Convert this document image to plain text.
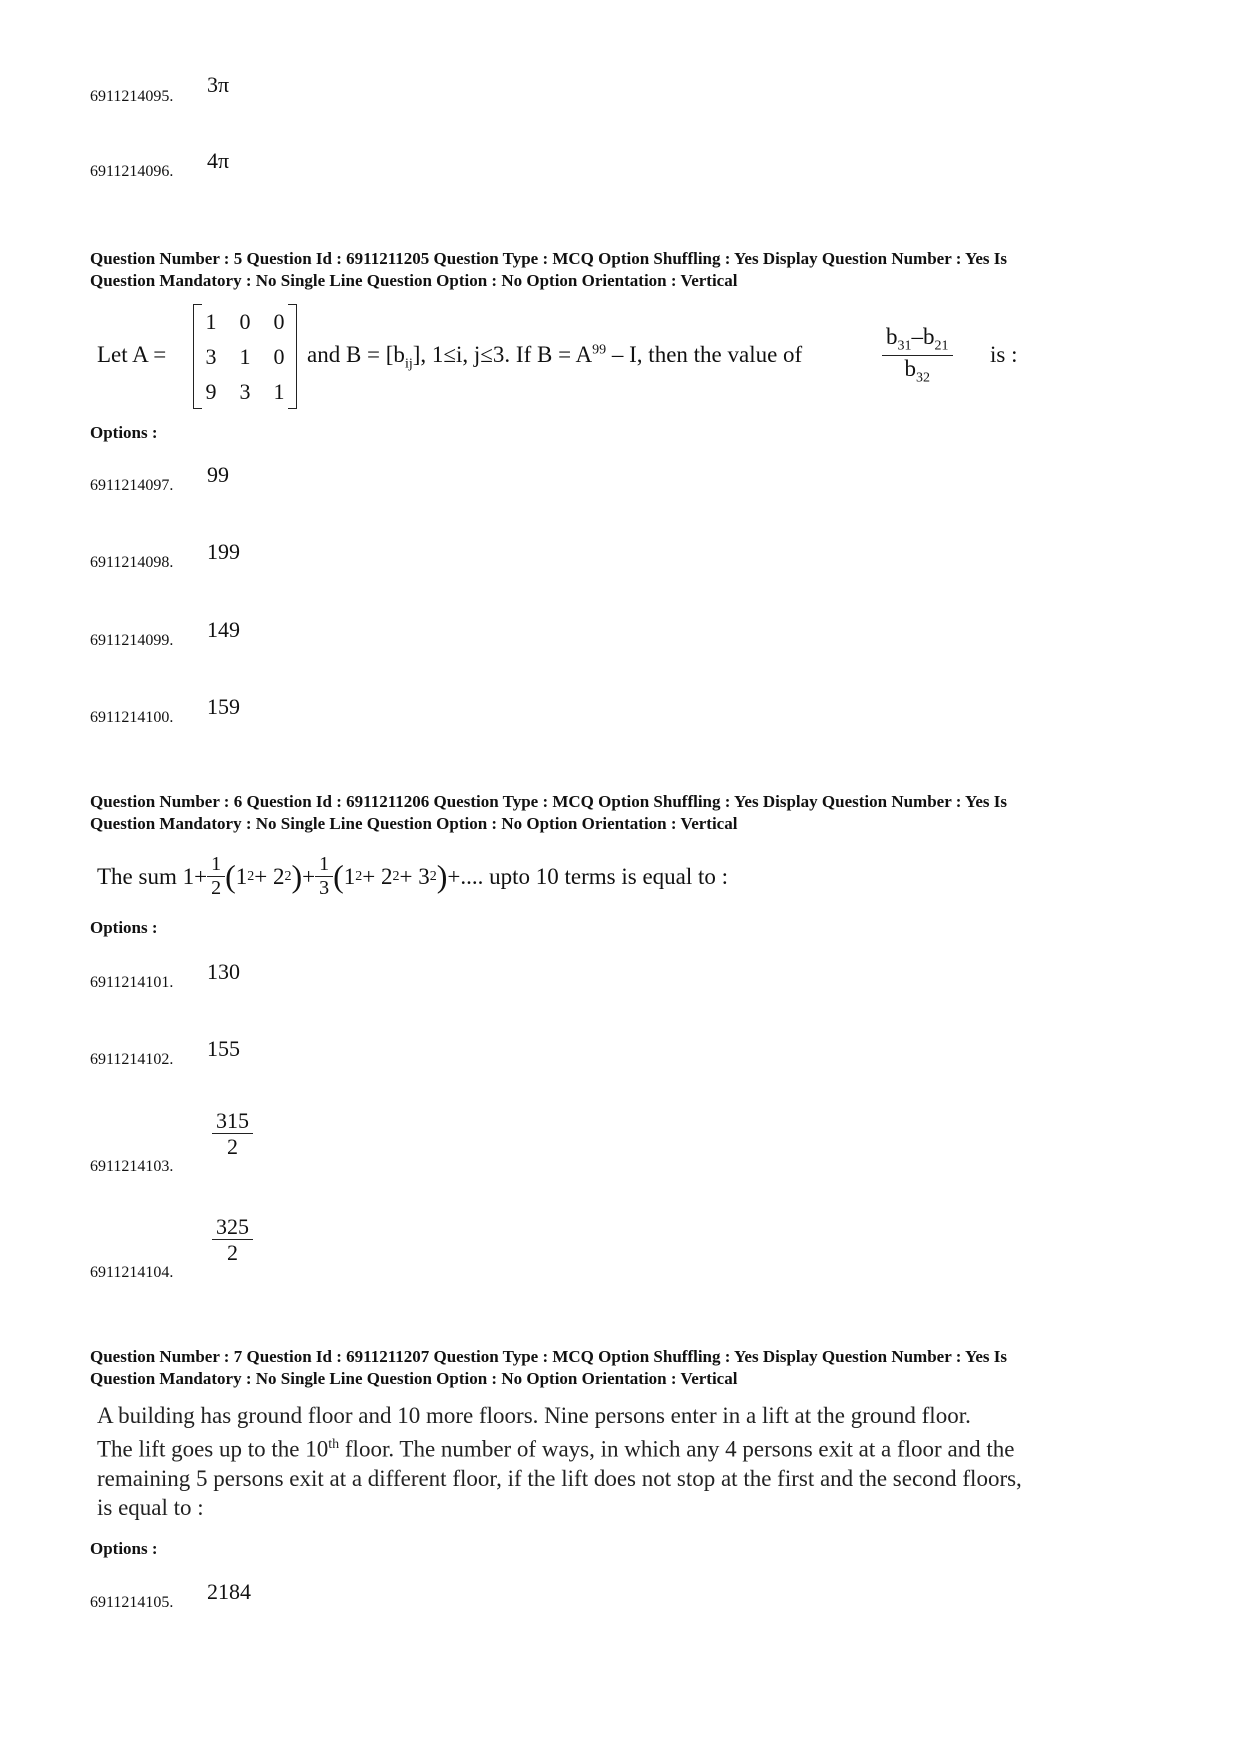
6911214095. 3π
6911214096. 4π
Question Number : 5 Question Id : 6911211205 Question Type : MCQ Option Shuffling : Yes Display Question Number : Yes Is
Question Mandatory : No Single Line Question Option : No Option Orientation : Vertical
Let A =
1	0	0
3	1	0
9	3	1
and $B = [b_{ij}]$, 1≤i, j≤3. If $B = A^{99} - I$, then the value of	$\frac{b_{31}-b_{21}}{b_{32}}$ is :
Options :
6911214097. 99
6911214098. 199
6911214099. 149
6911214100. 159
Question Number : 6 Question Id : 6911211206 Question Type : MCQ Option Shuffling : Yes Display Question Number : Yes Is
Question Mandatory : No Single Line Question Option : No Option Orientation : Vertical
The sum $1+ \frac{1}{2}$ ( 1 2 + 2 2 ) + $\frac{1}{3}$ ( 1 2 + 2 2 + 3 2 ) +.... upto 10 terms is equal to :
Options :
6911214101. 130
6911214102. 155
6911214103.
$\frac{315}{2}$
6911214104.
$\frac{325}{2}$
Question Number : 7 Question Id : 6911211207 Question Type : MCQ Option Shuffling : Yes Display Question Number : Yes Is
Question Mandatory : No Single Line Question Option : No Option Orientation : Vertical
A building has ground floor and 10 more floors. Nine persons enter in a lift at the ground floor.
The lift goes up to the 10th floor. The number of ways, in which any 4 persons exit at a floor and the
remaining 5 persons exit at a different floor, if the lift does not stop at the first and the second floors,
is equal to :
Options :
6911214105. 2184
